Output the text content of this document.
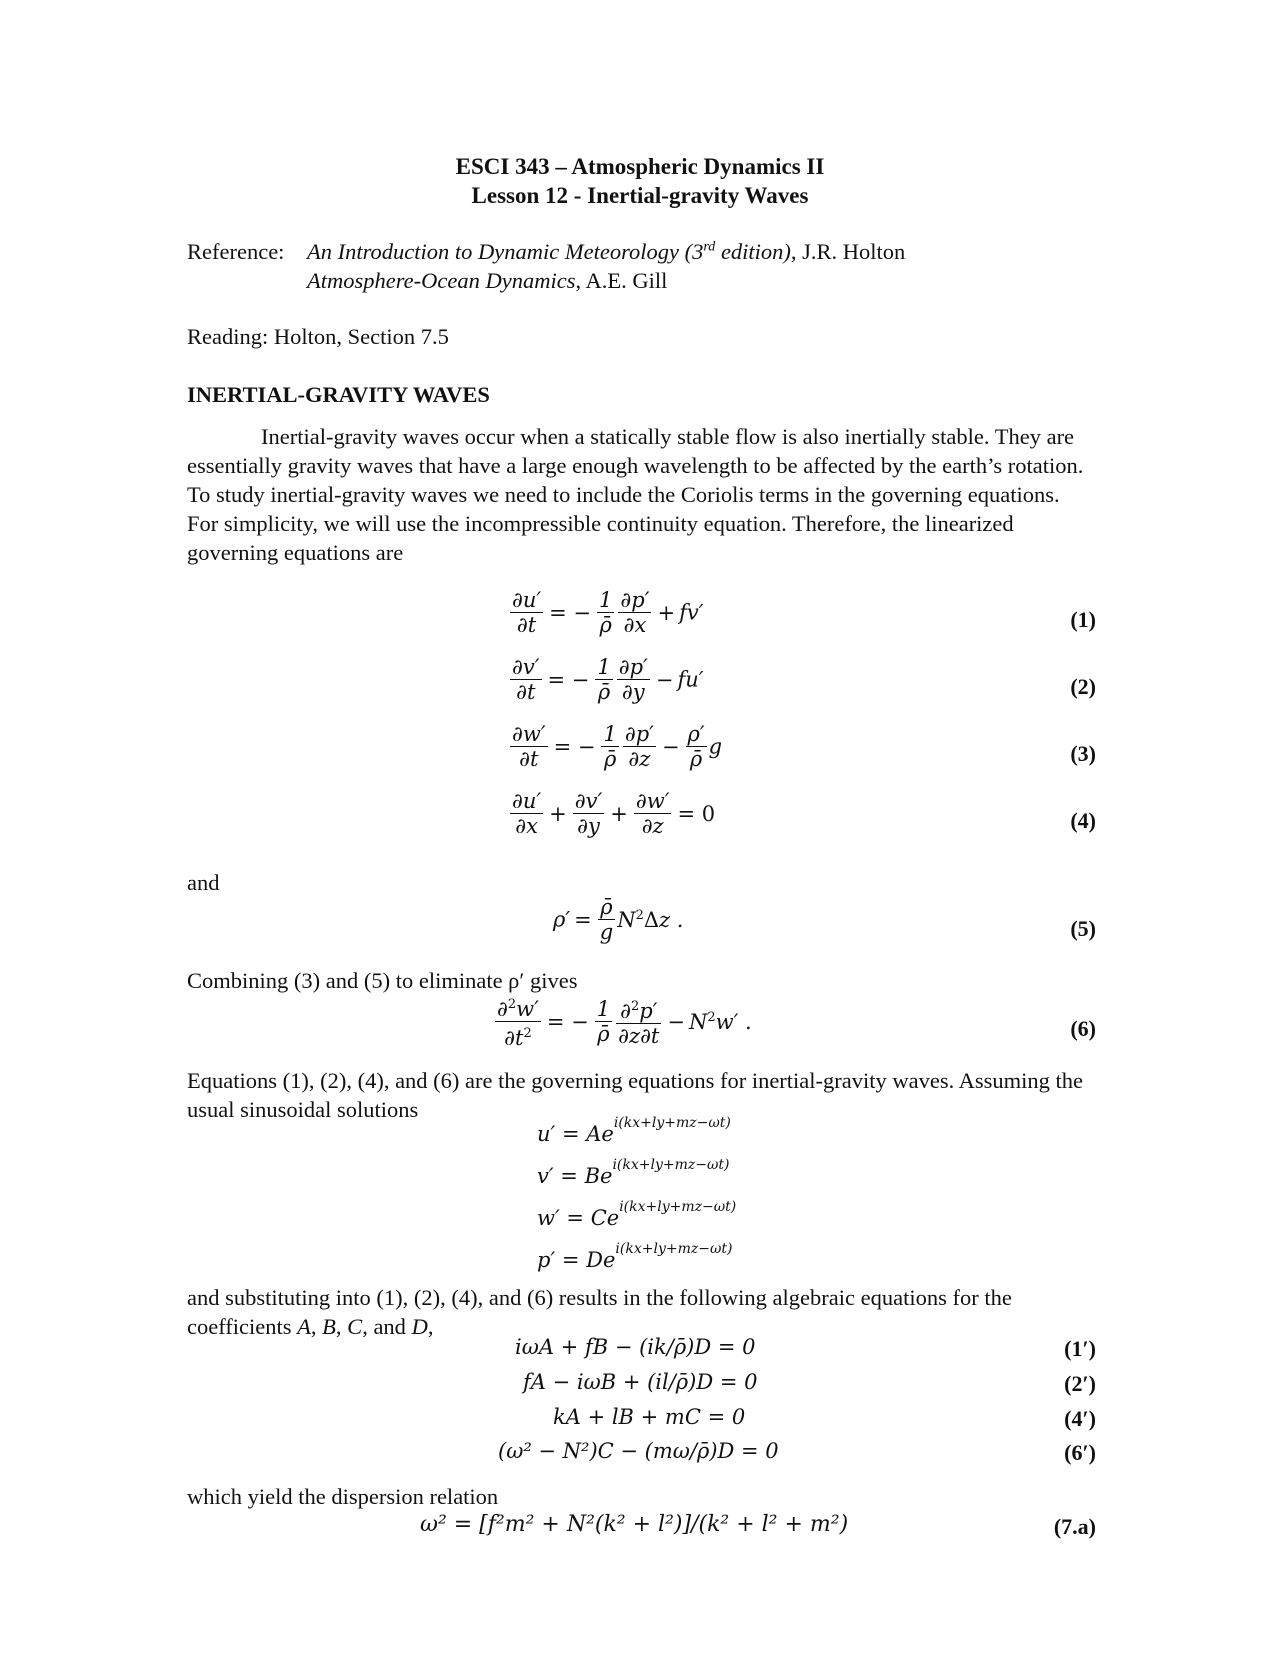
ESCI 343 – Atmospheric Dynamics II
Lesson 12 - Inertial-gravity Waves
Reference: An Introduction to Dynamic Meteorology (3rd edition), J.R. Holton
Atmosphere-Ocean Dynamics, A.E. Gill
Reading: Holton, Section 7.5
INERTIAL-GRAVITY WAVES
Inertial-gravity waves occur when a statically stable flow is also inertially stable. They are essentially gravity waves that have a large enough wavelength to be affected by the earth’s rotation. To study inertial-gravity waves we need to include the Coriolis terms in the governing equations. For simplicity, we will use the incompressible continuity equation. Therefore, the linearized governing equations are
$\frac{\partial u'}{\partial t}$ = − $\frac{1}{\rhō} \frac{\partial p'}{\partial x} + fv'$	(1)
$\frac{\partial v'}{\partial t}$ = − $\frac{1}{\rhō} \frac{\partial p'}{\partial y} - fu'$	(2)
$\frac{\partial w'}{\partial t}$ = − $\frac{1}{\rhō} \frac{\partial p'}{\partial z} - \frac{\rho'}{\rhō}$ g	(3)
$\frac{\partial u'}{\partial x} + \frac{\partial v'}{\partial y} + \frac{\partial w'}{\partial z} = 0$	(4)
and
$\rho' = \frac{\rhō}{g} N^2\Delta z$ .	(5)
Combining (3) and (5) to eliminate ρ′ gives
$\frac{\partial^2w'}{\partial t^2}$ = − $\frac{1}{\rhō} \frac{\partial^2p'}{\partial z\partial t} - N^2w'$ .	(6)
Equations (1), (2), (4), and (6) are the governing equations for inertial-gravity waves. Assuming the usual sinusoidal solutions
$u' = Ae^{i(kx+ly+mz-\omega t)}$
$v' = Be^{i(kx+ly+mz-\omega t)}$
$w' = Ce^{i(kx+ly+mz-\omega t)}$
$p' = De^{i(kx+ly+mz-\omega t)}$
and substituting into (1), (2), (4), and (6) results in the following algebraic equations for the coefficients A, B, C, and D,
iωA + fB − (ik/ρ̄)D = 0	(1′)
fA − iωB + (il/ρ̄)D = 0	(2′)
kA + lB + mC = 0	(4′)
(ω² − N²)C − (mω/ρ̄)D = 0	(6′)
which yield the dispersion relation
ω² = [f²m² + N²(k² + l²)]/(k² + l² + m²)	(7.a)
